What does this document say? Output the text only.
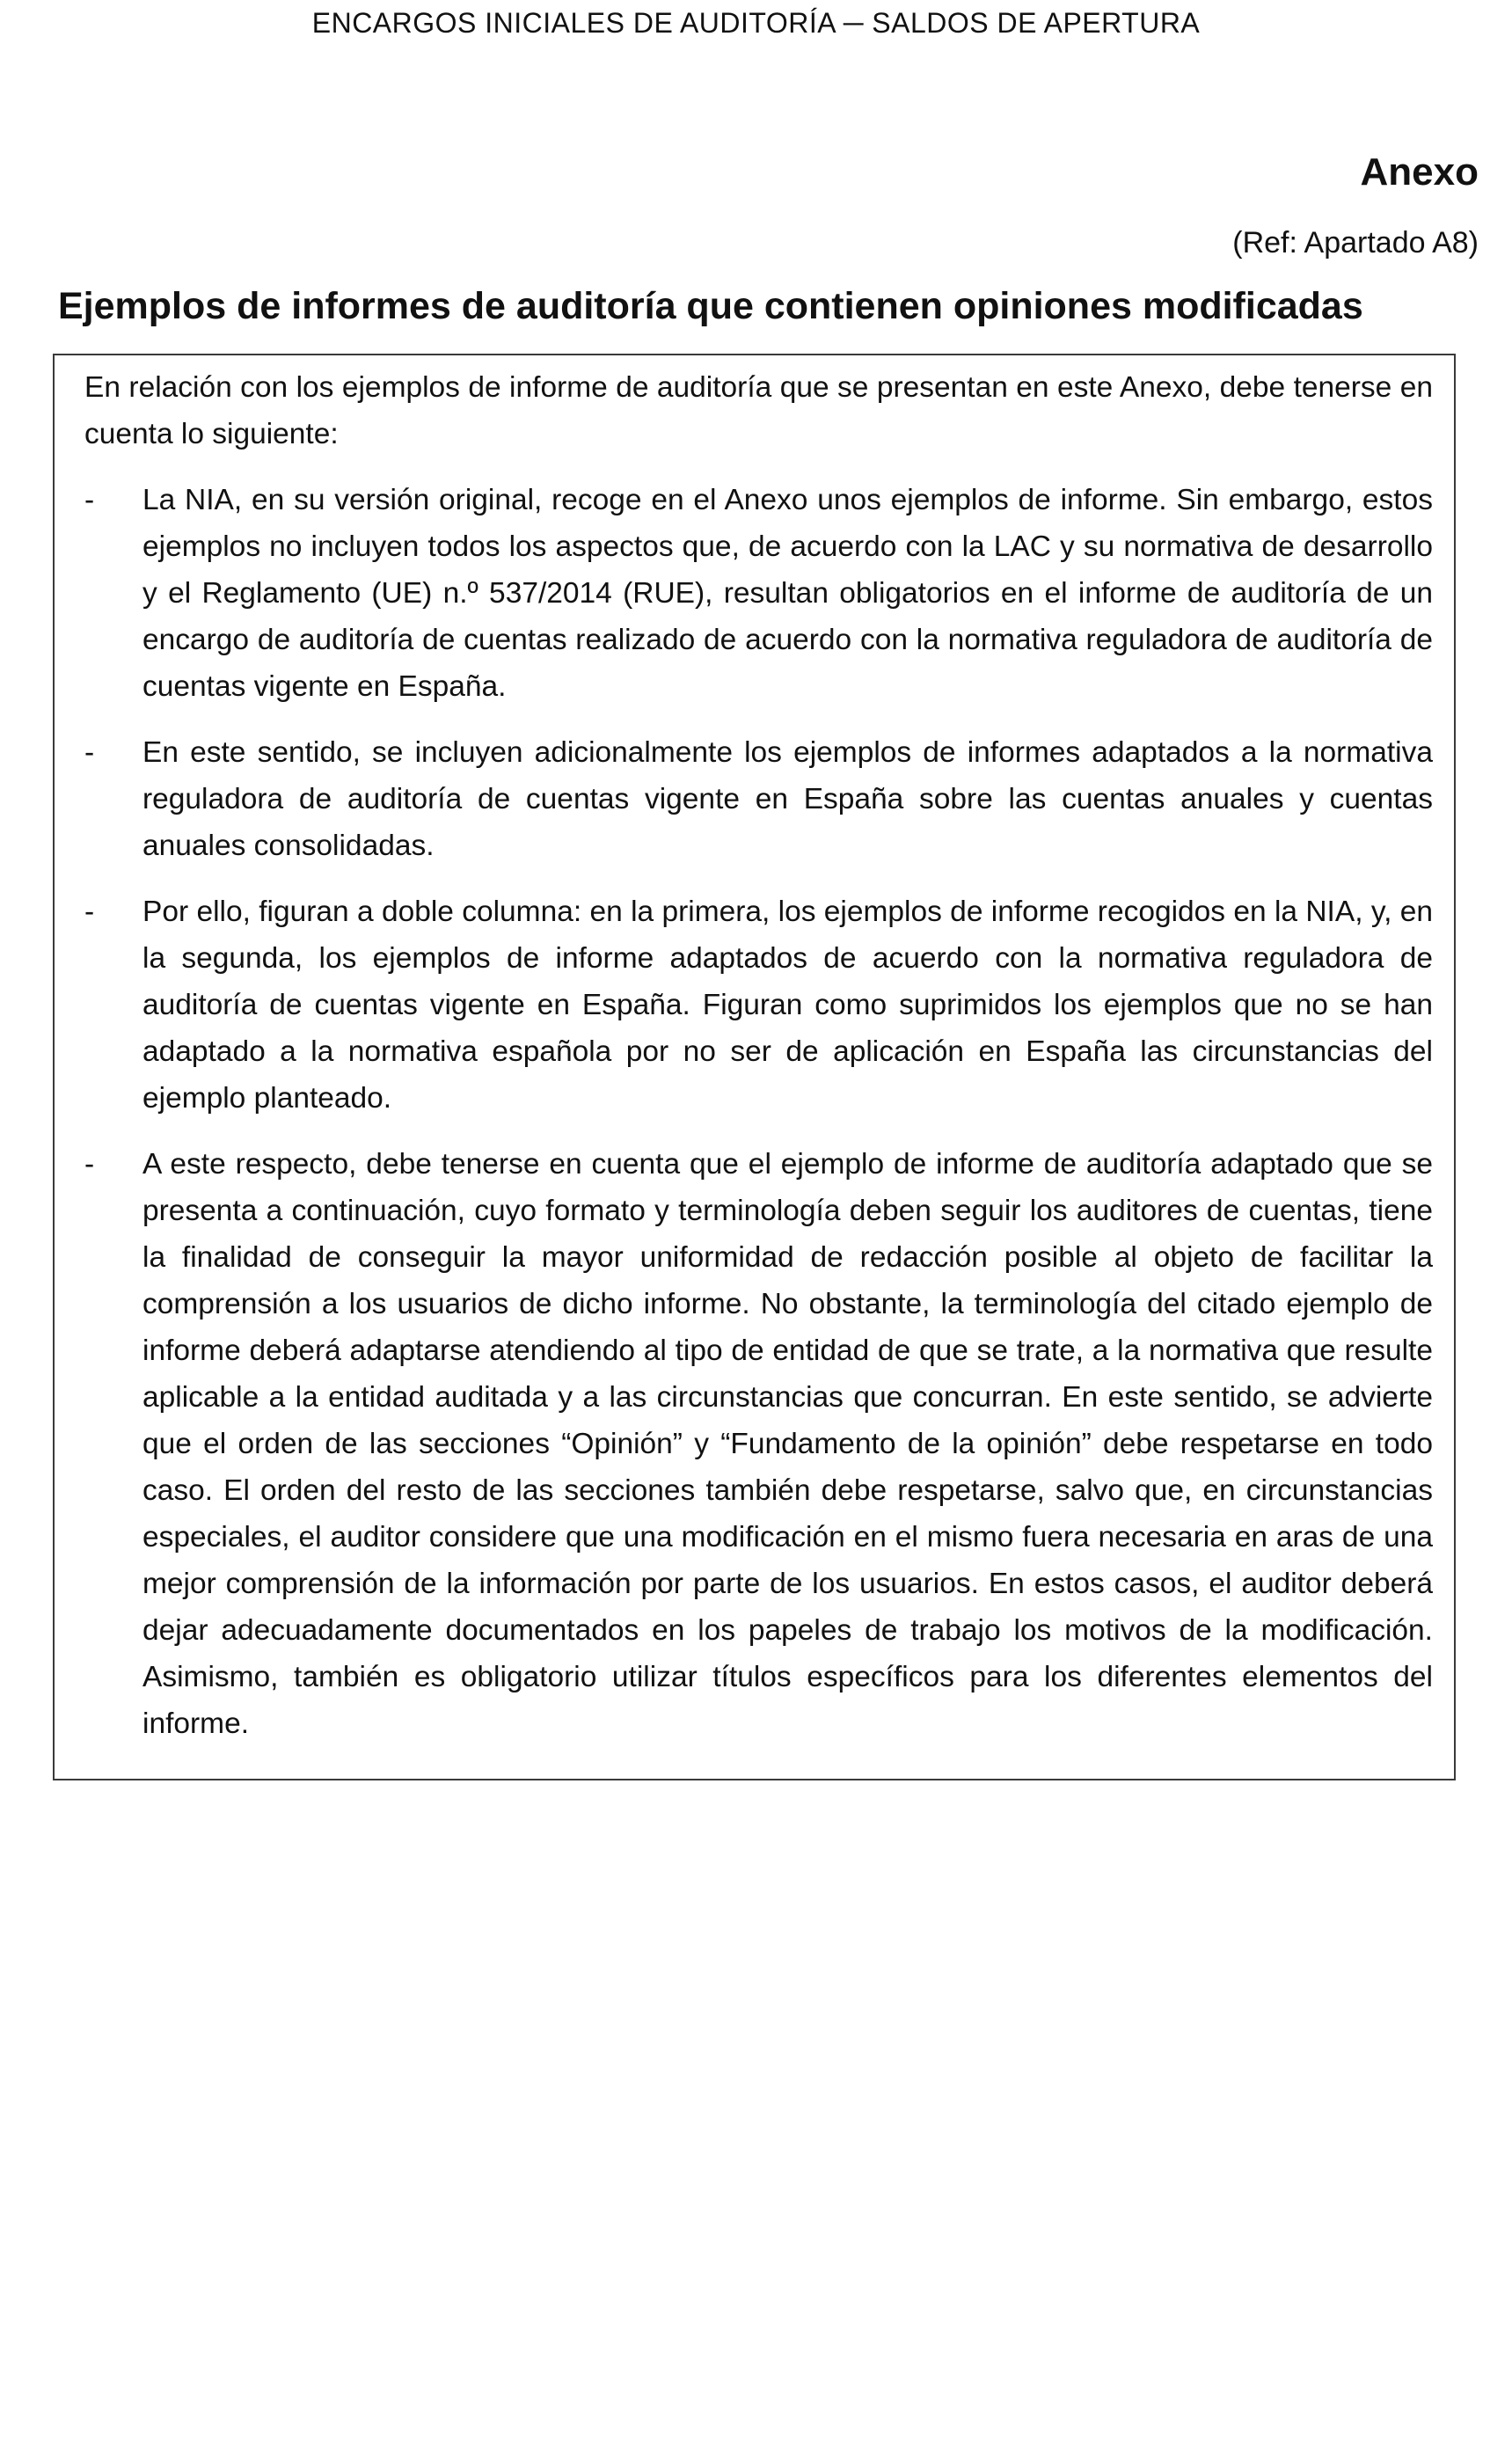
ENCARGOS INICIALES DE AUDITORÍA ─ SALDOS DE APERTURA
Anexo
(Ref: Apartado A8)
Ejemplos de informes de auditoría que contienen opiniones modificadas

En relación con los ejemplos de informe de auditoría que se presentan en este Anexo, debe tenerse en cuenta lo siguiente:

- La NIA, en su versión original, recoge en el Anexo unos ejemplos de informe. Sin embargo, estos ejemplos no incluyen todos los aspectos que, de acuerdo con la LAC y su normativa de desarrollo y el Reglamento (UE) n.º 537/2014 (RUE), resultan obligatorios en el informe de auditoría de un encargo de auditoría de cuentas realizado de acuerdo con la normativa reguladora de auditoría de cuentas vigente en España.
- En este sentido, se incluyen adicionalmente los ejemplos de informes adaptados a la normativa reguladora de auditoría de cuentas vigente en España sobre las cuentas anuales y cuentas anuales consolidadas.
- Por ello, figuran a doble columna: en la primera, los ejemplos de informe recogidos en la NIA, y, en la segunda, los ejemplos de informe adaptados de acuerdo con la normativa reguladora de auditoría de cuentas vigente en España. Figuran como suprimidos los ejemplos que no se han adaptado a la normativa española por no ser de aplicación en España las circunstancias del ejemplo planteado.
- A este respecto, debe tenerse en cuenta que el ejemplo de informe de auditoría adaptado que se presenta a continuación, cuyo formato y terminología deben seguir los auditores de cuentas, tiene la finalidad de conseguir la mayor uniformidad de redacción posible al objeto de facilitar la comprensión a los usuarios de dicho informe. No obstante, la terminología del citado ejemplo de informe deberá adaptarse atendiendo al tipo de entidad de que se trate, a la normativa que resulte aplicable a la entidad auditada y a las circunstancias que concurran. En este sentido, se advierte que el orden de las secciones “Opinión” y “Fundamento de la opinión” debe respetarse en todo caso. El orden del resto de las secciones también debe respetarse, salvo que, en circunstancias especiales, el auditor considere que una modificación en el mismo fuera necesaria en aras de una mejor comprensión de la información por parte de los usuarios. En estos casos, el auditor deberá dejar adecuadamente documentados en los papeles de trabajo los motivos de la modificación. Asimismo, también es obligatorio utilizar títulos específicos para los diferentes elementos del informe.
